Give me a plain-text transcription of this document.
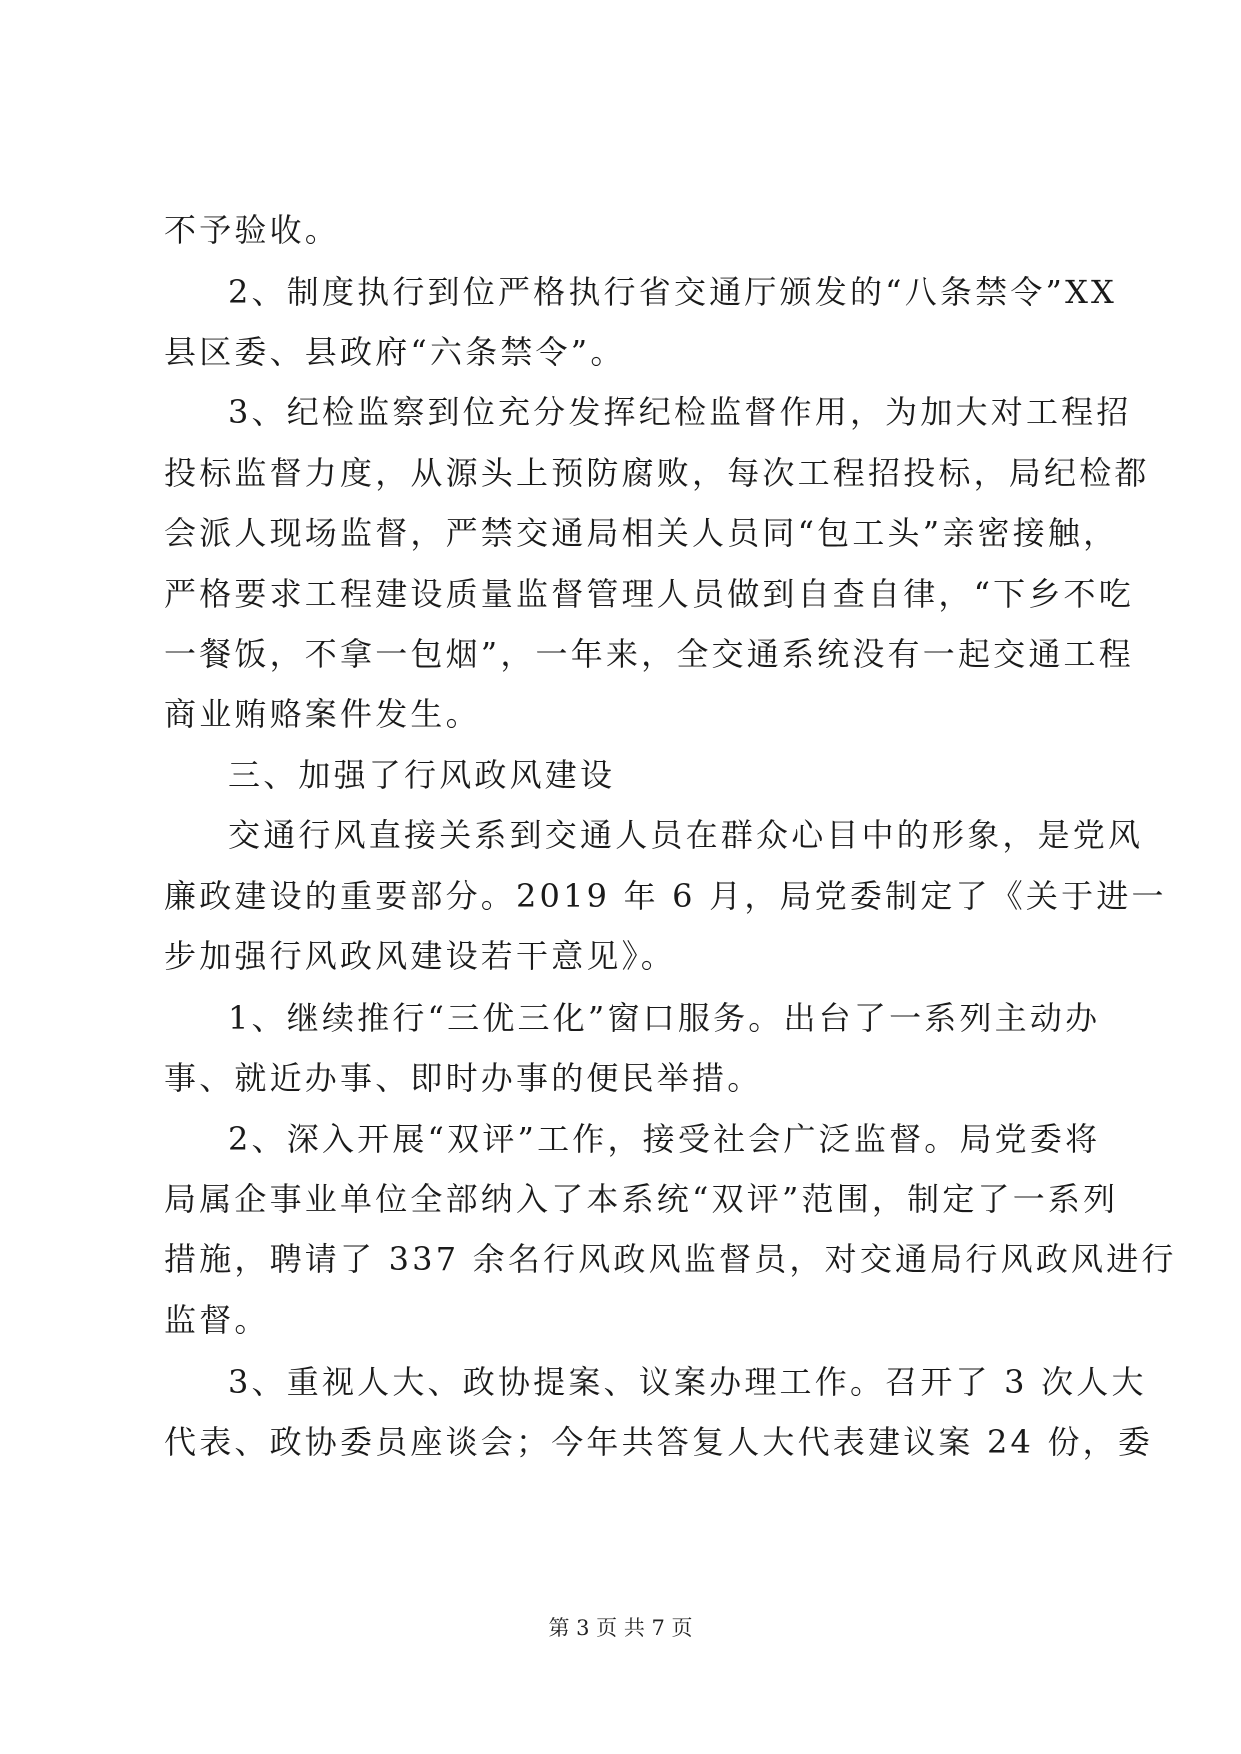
不予验收。
2、制度执行到位严格执行省交通厅颁发的“八条禁令”XX
县区委、县政府“六条禁令”。
3、纪检监察到位充分发挥纪检监督作用，为加大对工程招
投标监督力度，从源头上预防腐败，每次工程招投标，局纪检都
会派人现场监督，严禁交通局相关人员同“包工头”亲密接触，
严格要求工程建设质量监督管理人员做到自查自律，“下乡不吃
一餐饭，不拿一包烟”，一年来，全交通系统没有一起交通工程
商业贿赂案件发生。
三、加强了行风政风建设
交通行风直接关系到交通人员在群众心目中的形象，是党风
廉政建设的重要部分。2019 年 6 月，局党委制定了《关于进一
步加强行风政风建设若干意见》。
1、继续推行“三优三化”窗口服务。出台了一系列主动办
事、就近办事、即时办事的便民举措。
2、深入开展“双评”工作，接受社会广泛监督。局党委将
局属企事业单位全部纳入了本系统“双评”范围，制定了一系列
措施，聘请了 337 余名行风政风监督员，对交通局行风政风进行
监督。
3、重视人大、政协提案、议案办理工作。召开了 3 次人大
代表、政协委员座谈会；今年共答复人大代表建议案 24 份，委
第 3 页 共 7 页
